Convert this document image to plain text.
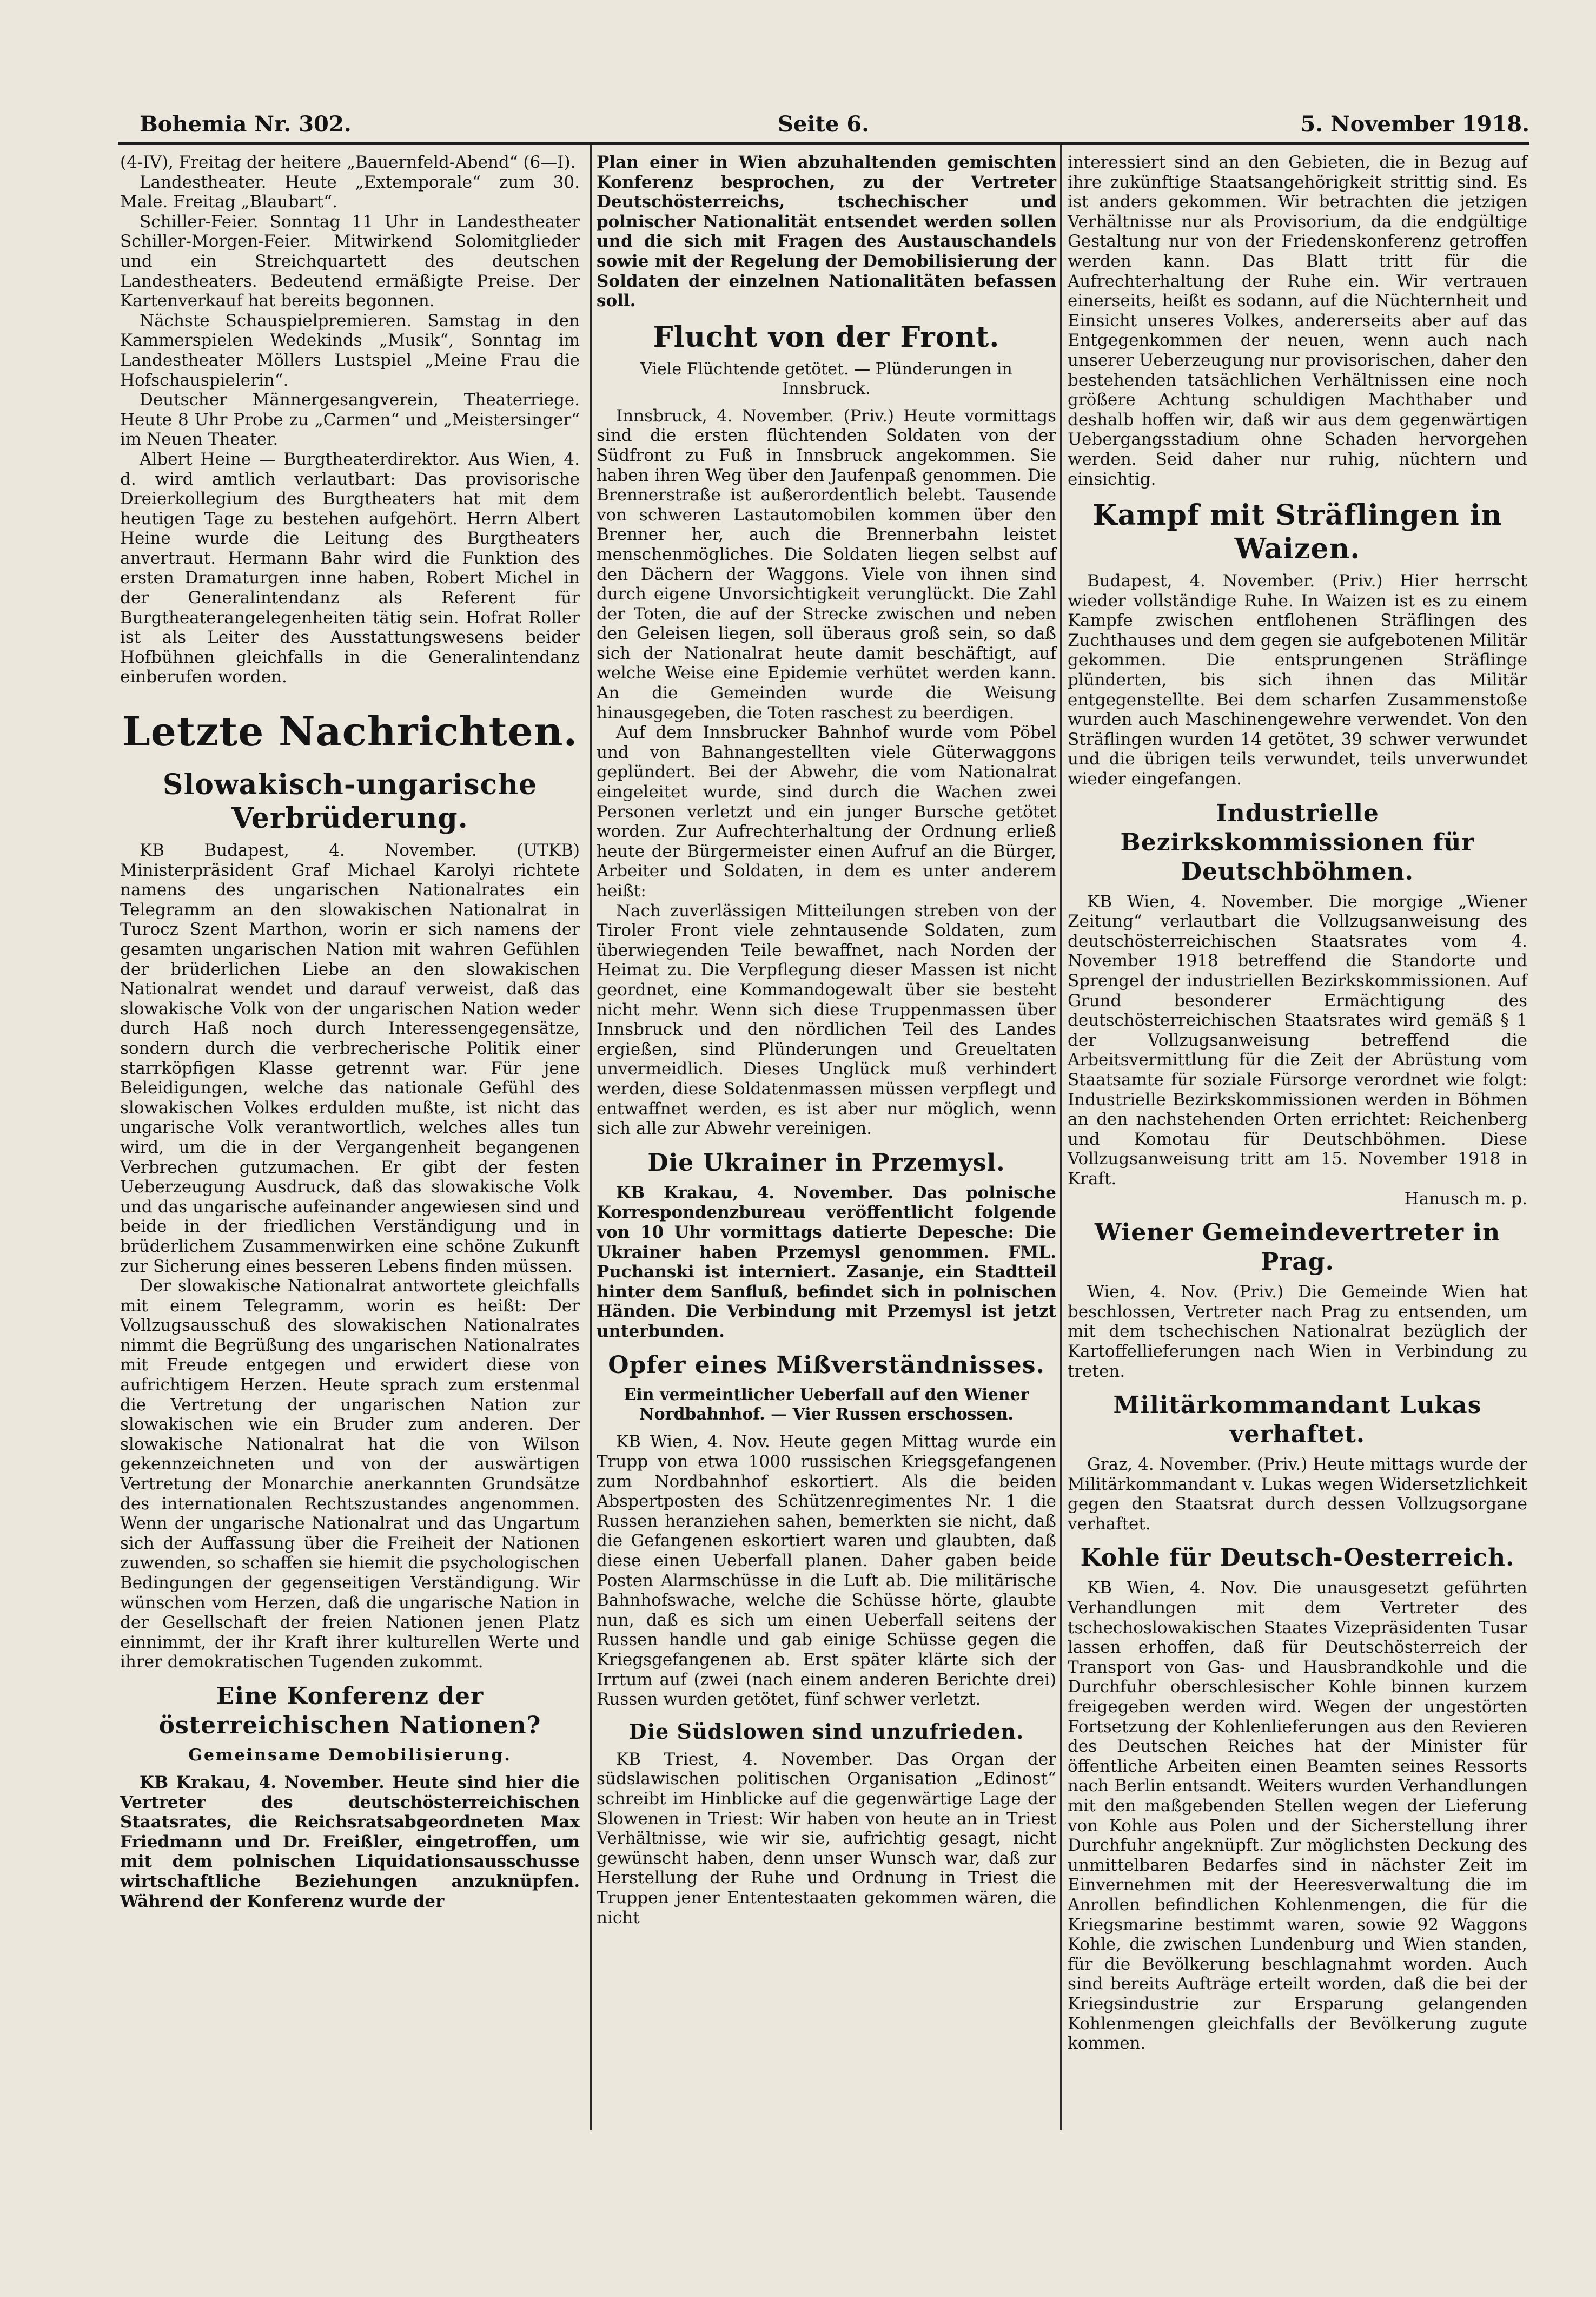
Bohemia Nr. 302.	Seite 6.	5. November 1918.

(4-IV), Freitag der heitere „Bauernfeld-Abend“ (6—I).

Landestheater. Heute „Extemporale“ zum 30. Male. Freitag „Blaubart“.

Schiller-Feier. Sonntag 11 Uhr in Landestheater Schiller-Morgen-Feier. Mitwirkend Solomitglieder und ein Streichquartett des deutschen Landestheaters. Bedeutend ermäßigte Preise. Der Kartenverkauf hat bereits begonnen.

Nächste Schauspielpremieren. Samstag in den Kammerspielen Wedekinds „Musik“, Sonntag im Landestheater Möllers Lustspiel „Meine Frau die Hofschauspielerin“.

Deutscher Männergesangverein, Theaterriege. Heute 8 Uhr Probe zu „Carmen“ und „Meistersinger“ im Neuen Theater.

Albert Heine — Burgtheaterdirektor. Aus Wien, 4. d. wird amtlich verlautbart: Das provisorische Dreierkollegium des Burgtheaters hat mit dem heutigen Tage zu bestehen aufgehört. Herrn Albert Heine wurde die Leitung des Burgtheaters anvertraut. Hermann Bahr wird die Funktion des ersten Dramaturgen inne haben, Robert Michel in der Generalintendanz als Referent für Burgtheaterangelegenheiten tätig sein. Hofrat Roller ist als Leiter des Ausstattungswesens beider Hofbühnen gleichfalls in die Generalintendanz einberufen worden.

Letzte Nachrichten.
Slowakisch-ungarische Verbrüderung.

KB Budapest, 4. November. (UTKB) Ministerpräsident Graf Michael Karolyi richtete namens des ungarischen Nationalrates ein Telegramm an den slowakischen Nationalrat in Turocz Szent Marthon, worin er sich namens der gesamten ungarischen Nation mit wahren Gefühlen der brüderlichen Liebe an den slowakischen Nationalrat wendet und darauf verweist, daß das slowakische Volk von der ungarischen Nation weder durch Haß noch durch Interessengegensätze, sondern durch die verbrecherische Politik einer starrköpfigen Klasse getrennt war. Für jene Beleidigungen, welche das nationale Gefühl des slowakischen Volkes erdulden mußte, ist nicht das ungarische Volk verantwortlich, welches alles tun wird, um die in der Vergangenheit begangenen Verbrechen gutzumachen. Er gibt der festen Ueberzeugung Ausdruck, daß das slowakische Volk und das ungarische aufeinander angewiesen sind und beide in der friedlichen Verständigung und in brüderlichem Zusammenwirken eine schöne Zukunft zur Sicherung eines besseren Lebens finden müssen.

Der slowakische Nationalrat antwortete gleichfalls mit einem Telegramm, worin es heißt: Der Vollzugsausschuß des slowakischen Nationalrates nimmt die Begrüßung des ungarischen Nationalrates mit Freude entgegen und erwidert diese von aufrichtigem Herzen. Heute sprach zum erstenmal die Vertretung der ungarischen Nation zur slowakischen wie ein Bruder zum anderen. Der slowakische Nationalrat hat die von Wilson gekennzeichneten und von der auswärtigen Vertretung der Monarchie anerkannten Grundsätze des internationalen Rechtszustandes angenommen. Wenn der ungarische Nationalrat und das Ungartum sich der Auffassung über die Freiheit der Nationen zuwenden, so schaffen sie hiemit die psychologischen Bedingungen der gegenseitigen Verständigung. Wir wünschen vom Herzen, daß die ungarische Nation in der Gesellschaft der freien Nationen jenen Platz einnimmt, der ihr Kraft ihrer kulturellen Werte und ihrer demokratischen Tugenden zukommt.

Eine Konferenz der österreichischen Nationen?
Gemeinsame Demobilisierung.

KB Krakau, 4. November. Heute sind hier die Vertreter des deutschösterreichischen Staatsrates, die Reichsratsabgeordneten Max Friedmann und Dr. Freißler, eingetroffen, um mit dem polnischen Liquidationsausschusse wirtschaftliche Beziehungen anzuknüpfen. Während der Konferenz wurde der

Plan einer in Wien abzuhaltenden gemischten Konferenz besprochen, zu der Vertreter Deutschösterreichs, tschechischer und polnischer Nationalität entsendet werden sollen und die sich mit Fragen des Austauschandels sowie mit der Regelung der Demobilisierung der Soldaten der einzelnen Nationalitäten befassen soll.

Flucht von der Front.
Viele Flüchtende getötet. — Plünderungen in Innsbruck.

Innsbruck, 4. November. (Priv.) Heute vormittags sind die ersten flüchtenden Soldaten von der Südfront zu Fuß in Innsbruck angekommen. Sie haben ihren Weg über den Jaufenpaß genommen. Die Brennerstraße ist außerordentlich belebt. Tausende von schweren Lastautomobilen kommen über den Brenner her, auch die Brennerbahn leistet menschenmögliches. Die Soldaten liegen selbst auf den Dächern der Waggons. Viele von ihnen sind durch eigene Unvorsichtigkeit verunglückt. Die Zahl der Toten, die auf der Strecke zwischen und neben den Geleisen liegen, soll überaus groß sein, so daß sich der Nationalrat heute damit beschäftigt, auf welche Weise eine Epidemie verhütet werden kann. An die Gemeinden wurde die Weisung hinausgegeben, die Toten raschest zu beerdigen.

Auf dem Innsbrucker Bahnhof wurde vom Pöbel und von Bahnangestellten viele Güterwaggons geplündert. Bei der Abwehr, die vom Nationalrat eingeleitet wurde, sind durch die Wachen zwei Personen verletzt und ein junger Bursche getötet worden. Zur Aufrechterhaltung der Ordnung erließ heute der Bürgermeister einen Aufruf an die Bürger, Arbeiter und Soldaten, in dem es unter anderem heißt:

Nach zuverlässigen Mitteilungen streben von der Tiroler Front viele zehntausende Soldaten, zum überwiegenden Teile bewaffnet, nach Norden der Heimat zu. Die Verpflegung dieser Massen ist nicht geordnet, eine Kommandogewalt über sie besteht nicht mehr. Wenn sich diese Truppenmassen über Innsbruck und den nördlichen Teil des Landes ergießen, sind Plünderungen und Greueltaten unvermeidlich. Dieses Unglück muß verhindert werden, diese Soldatenmassen müssen verpflegt und entwaffnet werden, es ist aber nur möglich, wenn sich alle zur Abwehr vereinigen.

Die Ukrainer in Przemysl.

KB Krakau, 4. November. Das polnische Korrespondenzbureau veröffentlicht folgende von 10 Uhr vormittags datierte Depesche: Die Ukrainer haben Przemysl genommen. FML. Puchanski ist interniert. Zasanje, ein Stadtteil hinter dem Sanfluß, befindet sich in polnischen Händen. Die Verbindung mit Przemysl ist jetzt unterbunden.

Opfer eines Mißverständnisses.
Ein vermeintlicher Ueberfall auf den Wiener Nordbahnhof. — Vier Russen erschossen.

KB Wien, 4. Nov. Heute gegen Mittag wurde ein Trupp von etwa 1000 russischen Kriegsgefangenen zum Nordbahnhof eskortiert. Als die beiden Abspertposten des Schützenregimentes Nr. 1 die Russen heranziehen sahen, bemerkten sie nicht, daß die Gefangenen eskortiert waren und glaubten, daß diese einen Ueberfall planen. Daher gaben beide Posten Alarmschüsse in die Luft ab. Die militärische Bahnhofswache, welche die Schüsse hörte, glaubte nun, daß es sich um einen Ueberfall seitens der Russen handle und gab einige Schüsse gegen die Kriegsgefangenen ab. Erst später klärte sich der Irrtum auf (zwei (nach einem anderen Berichte drei) Russen wurden getötet, fünf schwer verletzt.

Die Südslowen sind unzufrieden.

KB Triest, 4. November. Das Organ der südslawischen politischen Organisation „Edinost“ schreibt im Hinblicke auf die gegenwärtige Lage der Slowenen in Triest: Wir haben von heute an in Triest Verhältnisse, wie wir sie, aufrichtig gesagt, nicht gewünscht haben, denn unser Wunsch war, daß zur Herstellung der Ruhe und Ordnung in Triest die Truppen jener Ententestaaten gekommen wären, die nicht

interessiert sind an den Gebieten, die in Bezug auf ihre zukünftige Staatsangehörigkeit strittig sind. Es ist anders gekommen. Wir betrachten die jetzigen Verhältnisse nur als Provisorium, da die endgültige Gestaltung nur von der Friedenskonferenz getroffen werden kann. Das Blatt tritt für die Aufrechterhaltung der Ruhe ein. Wir vertrauen einerseits, heißt es sodann, auf die Nüchternheit und Einsicht unseres Volkes, andererseits aber auf das Entgegenkommen der neuen, wenn auch nach unserer Ueberzeugung nur provisorischen, daher den bestehenden tatsächlichen Verhältnissen eine noch größere Achtung schuldigen Machthaber und deshalb hoffen wir, daß wir aus dem gegenwärtigen Uebergangsstadium ohne Schaden hervorgehen werden. Seid daher nur ruhig, nüchtern und einsichtig.

Kampf mit Sträflingen in Waizen.

Budapest, 4. November. (Priv.) Hier herrscht wieder vollständige Ruhe. In Waizen ist es zu einem Kampfe zwischen entflohenen Sträflingen des Zuchthauses und dem gegen sie aufgebotenen Militär gekommen. Die entsprungenen Sträflinge plünderten, bis sich ihnen das Militär entgegenstellte. Bei dem scharfen Zusammenstoße wurden auch Maschinengewehre verwendet. Von den Sträflingen wurden 14 getötet, 39 schwer verwundet und die übrigen teils verwundet, teils unverwundet wieder eingefangen.

Industrielle Bezirkskommissionen für Deutschböhmen.

KB Wien, 4. November. Die morgige „Wiener Zeitung“ verlautbart die Vollzugsanweisung des deutschösterreichischen Staatsrates vom 4. November 1918 betreffend die Standorte und Sprengel der industriellen Bezirkskommissionen. Auf Grund besonderer Ermächtigung des deutschösterreichischen Staatsrates wird gemäß § 1 der Vollzugsanweisung betreffend die Arbeitsvermittlung für die Zeit der Abrüstung vom Staatsamte für soziale Fürsorge verordnet wie folgt: Industrielle Bezirkskommissionen werden in Böhmen an den nachstehenden Orten errichtet: Reichenberg und Komotau für Deutschböhmen. Diese Vollzugsanweisung tritt am 15. November 1918 in Kraft.

Hanusch m. p.

Wiener Gemeindevertreter in Prag.

Wien, 4. Nov. (Priv.) Die Gemeinde Wien hat beschlossen, Vertreter nach Prag zu entsenden, um mit dem tschechischen Nationalrat bezüglich der Kartoffellieferungen nach Wien in Verbindung zu treten.

Militärkommandant Lukas verhaftet.

Graz, 4. November. (Priv.) Heute mittags wurde der Militärkommandant v. Lukas wegen Widersetzlichkeit gegen den Staatsrat durch dessen Vollzugsorgane verhaftet.

Kohle für Deutsch-Oesterreich.

KB Wien, 4. Nov. Die unausgesetzt geführten Verhandlungen mit dem Vertreter des tschechoslowakischen Staates Vizepräsidenten Tusar lassen erhoffen, daß für Deutschösterreich der Transport von Gas- und Hausbrandkohle und die Durchfuhr oberschlesischer Kohle binnen kurzem freigegeben werden wird. Wegen der ungestörten Fortsetzung der Kohlenlieferungen aus den Revieren des Deutschen Reiches hat der Minister für öffentliche Arbeiten einen Beamten seines Ressorts nach Berlin entsandt. Weiters wurden Verhandlungen mit den maßgebenden Stellen wegen der Lieferung von Kohle aus Polen und der Sicherstellung ihrer Durchfuhr angeknüpft. Zur möglichsten Deckung des unmittelbaren Bedarfes sind in nächster Zeit im Einvernehmen mit der Heeresverwaltung die im Anrollen befindlichen Kohlenmengen, die für die Kriegsmarine bestimmt waren, sowie 92 Waggons Kohle, die zwischen Lundenburg und Wien standen, für die Bevölkerung beschlagnahmt worden. Auch sind bereits Aufträge erteilt worden, daß die bei der Kriegsindustrie zur Ersparung gelangenden Kohlenmengen gleichfalls der Bevölkerung zugute kommen.
